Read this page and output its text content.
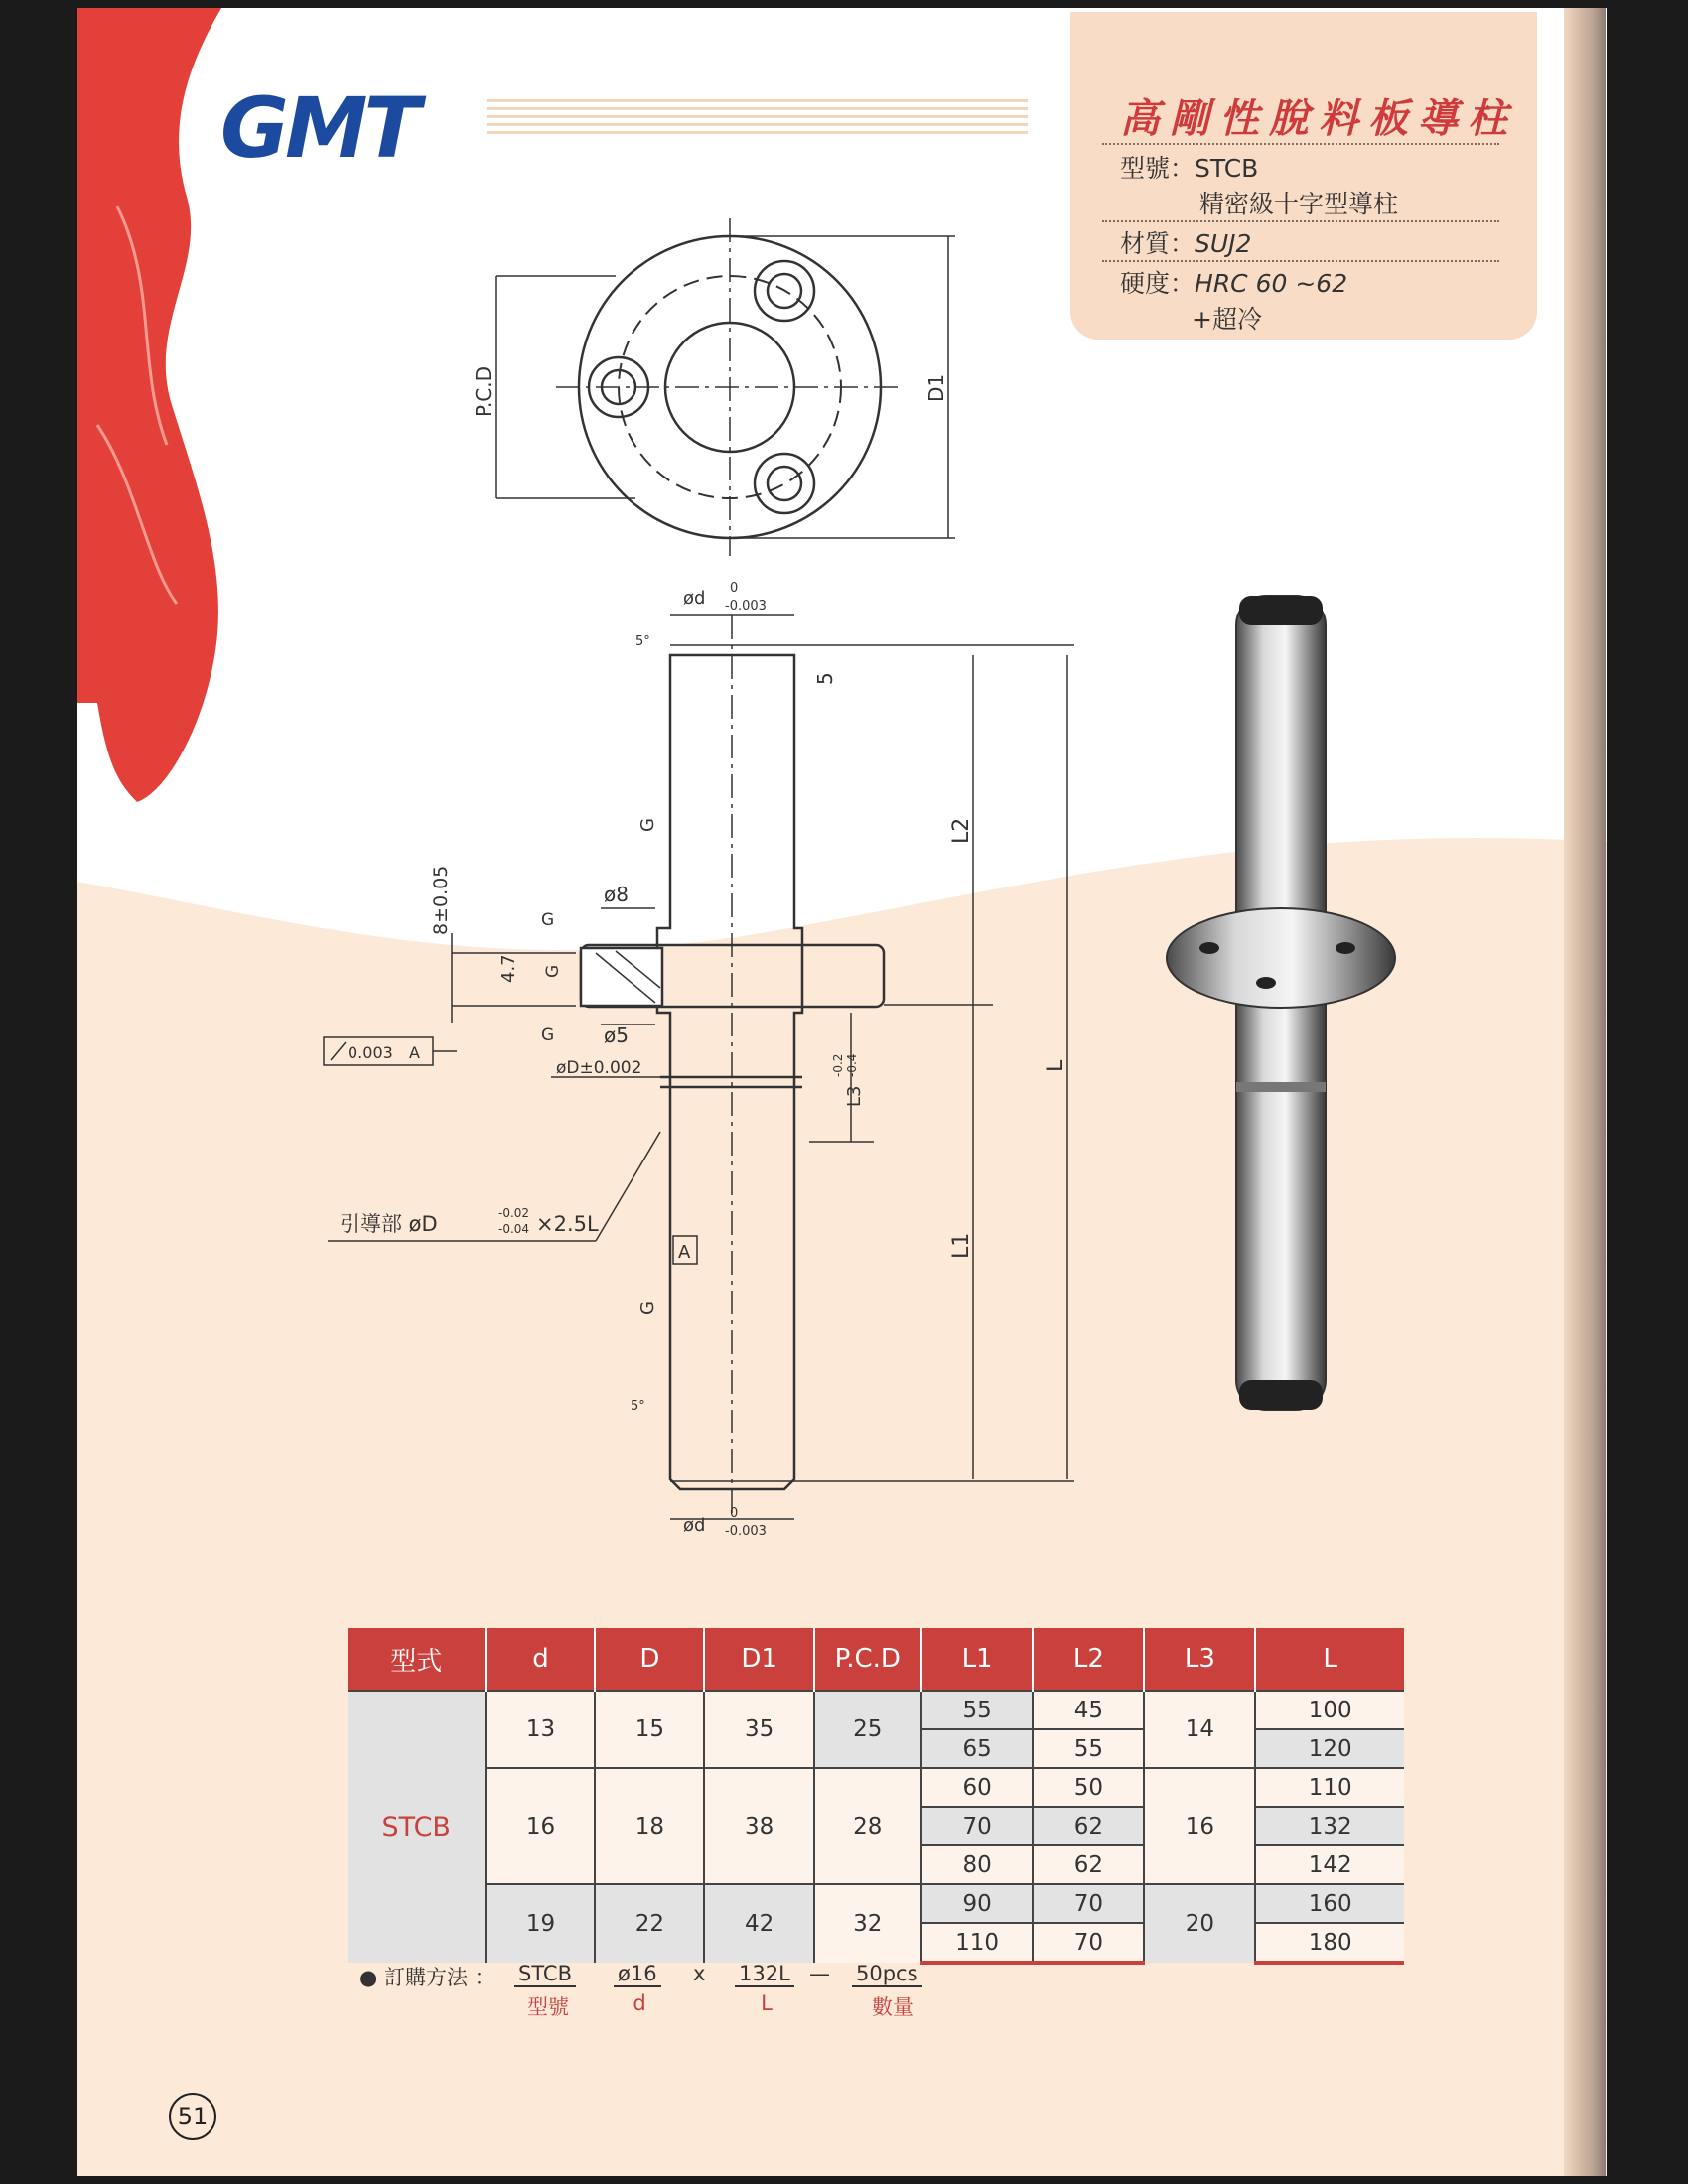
GMT	高剛性脫料板導柱
型號：STCB
精密級十字型導柱
材質：SUJ2
硬度：HRC 60 ~62
+超冷
P.C.D	D1
ød 0
-0.003
5°
5
G	L2
L
L1
L3
-0.2 -0.4
ø8
ø5
8±0.05
4.7
G
G
G
0.003 A
øD±0.002
引導部 øD	-0.02
-0.04 ×2.5L
A
G
5°
ød
0
-0.003
型式	d	D	D1	P.C.D	L1	L2	L3	L
STCB	13	15	35	25	55	45	14	100
					65	55		120
	16	18	38	28	60	50	16	110
					70	62		132
					80	62		142
	19	22	42	32	90	70	20	160
					110	70		180
● 訂購方法 ： STCB
型號
ø16
d
x 132L
L
— 50pcs
數量
51
